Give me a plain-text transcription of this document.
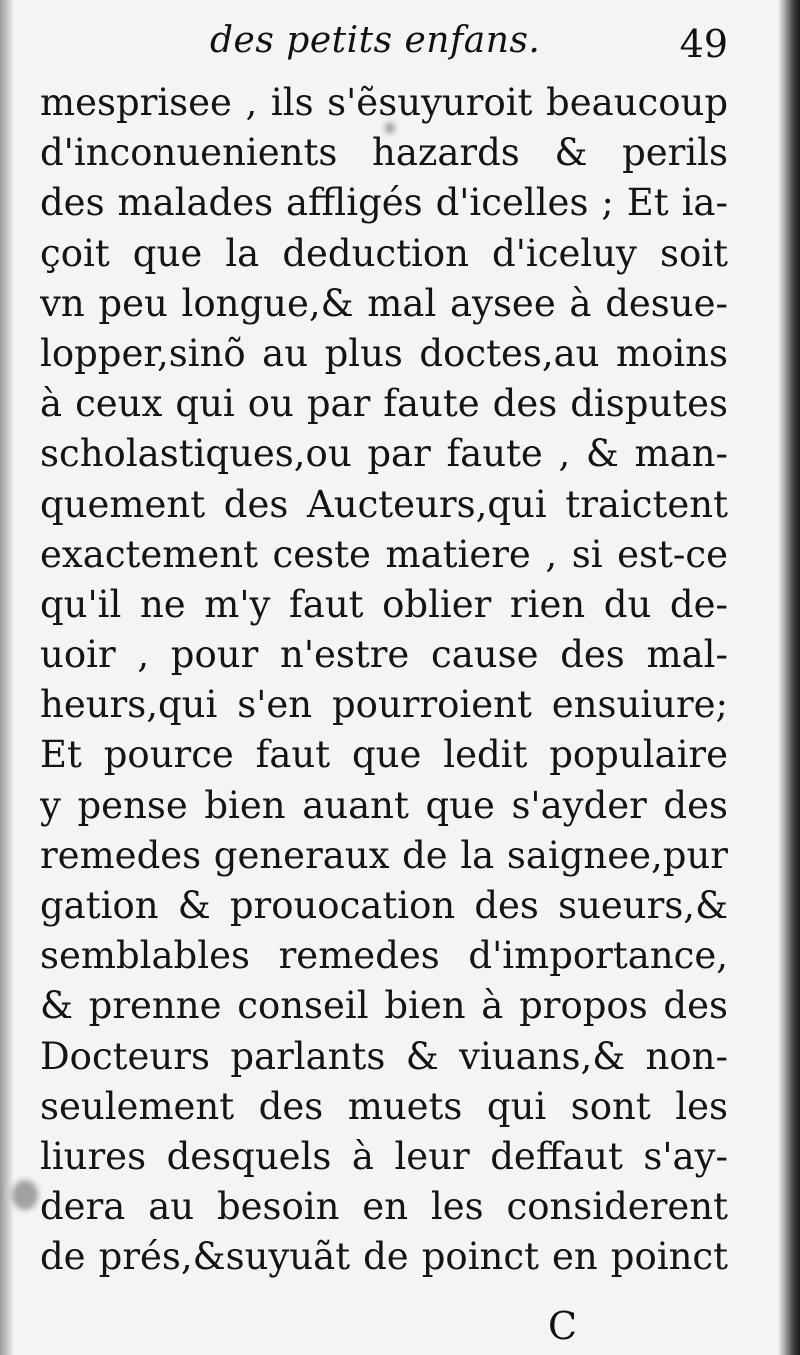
des petits enfans.	49
mesprisee , ils s'ẽsuyuroit beaucoup
d'inconuenients hazards & perils
des malades affligés d'icelles ; Et ia-
çoit que la deduction d'iceluy soit
vn peu longue,& mal aysee à desue-
lopper,sinõ au plus doctes,au moins
à ceux qui ou par faute des disputes
scholastiques,ou par faute , & man-
quement des Aucteurs,qui traictent
exactement ceste matiere , si est-ce
qu'il ne m'y faut oblier rien du de-
uoir , pour n'estre cause des mal-
heurs,qui s'en pourroient ensuiure;
Et pource faut que ledit populaire
y pense bien auant que s'ayder des
remedes generaux de la saignee,pur
gation & prouocation des sueurs,&
semblables remedes d'importance,
& prenne conseil bien à propos des
Docteurs parlants & viuans,& non-
seulement des muets qui sont les
liures desquels à leur deffaut s'ay-
dera au besoin en les considerent
de prés,&suyuãt de poinct en poinct
C
